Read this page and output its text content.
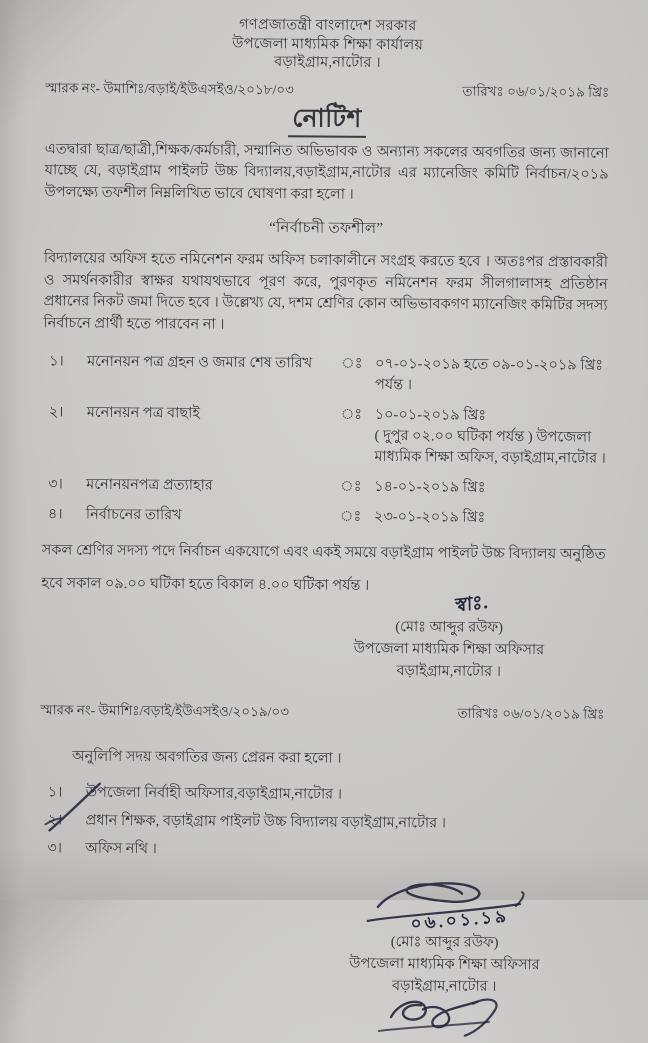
গণপ্রজাতন্ত্রী বাংলাদেশ সরকার
উপজেলা মাধ্যমিক শিক্ষা কার্যালয়
বড়াইগ্রাম,নাটোর ।
স্মারক নং- উমাশিঃ/বড়াই/ইউএসইও/২০১৮/০৩	তারিখঃ ০৬/০১/২০১৯ খ্রিঃ
নোটিশ
এতদ্বারা ছাত্র/ছাত্রী,শিক্ষক/কর্মচারী, সম্মানিত অভিভাবক ও অন্যান্য সকলের অবগতির জন্য জানানো যাচ্ছে যে, বড়াইগ্রাম পাইলট উচ্চ বিদ্যালয়,বড়াইগ্রাম,নাটোর এর ম্যানেজিং কমিটি নির্বাচন/২০১৯ উপলক্ষ্যে তফশীল নিম্নলিখিত ভাবে ঘোষণা করা হলো ।
“নির্বাচনী তফশীল”
বিদ্যালয়ের অফিস হতে নমিনেশন ফরম অফিস চলাকালীনে সংগ্রহ করতে হবে । অতঃপর প্রস্তাবকারী ও সমর্থনকারীর স্বাক্ষর যথাযথভাবে পূরণ করে, পুরণকৃত নমিনেশন ফরম সীলগালাসহ প্রতিষ্ঠান প্রধানের নিকট জমা দিতে হবে । উল্লেখ্য যে, দশম শ্রেণির কোন অভিভাবকগণ ম্যানেজিং কমিটির সদস্য নির্বাচনে প্রার্থী হতে পারবেন না ।
১।	মনোনয়ন পত্র গ্রহন ও জমার শেষ তারিখ	ঃ ০৭-০১-২০১৯ হতে ০৯-০১-২০১৯ খ্রিঃ পর্যন্ত ।
২।	মনোনয়ন পত্র বাছাই	ঃ ১০-০১-২০১৯ খ্রিঃ
( দুপুর ০২.০০ ঘটিকা পর্যন্ত ) উপজেলা মাধ্যমিক শিক্ষা অফিস, বড়াইগ্রাম,নাটোর ।
৩।	মনোনয়নপত্র প্রত্যাহার	ঃ ১৪-০১-২০১৯ খ্রিঃ
৪।	নির্বাচনের তারিখ	ঃ ২৩-০১-২০১৯ খ্রিঃ
সকল শ্রেণির সদস্য পদে নির্বাচন একযোগে এবং একই সময়ে বড়াইগ্রাম পাইলট উচ্চ বিদ্যালয় অনুষ্ঠিত হবে সকাল ০৯.০০ ঘটিকা হতে বিকাল ৪.০০ ঘটিকা পর্যন্ত ।
স্বাঃ.
(মোঃ আব্দুর রউফ)
উপজেলা মাধ্যমিক শিক্ষা অফিসার
বড়াইগ্রাম,নাটোর ।
স্মারক নং- উমাশিঃ/বড়াই/ইউএসইও/২০১৯/০৩	তারিখঃ ০৬/০১/২০১৯ খ্রিঃ
অনুলিপি সদয় অবগতির জন্য প্রেরন করা হলো ।
১।	উপজেলা নির্বাহী অফিসার,বড়াইগ্রাম,নাটোর ।
২।	প্রধান শিক্ষক, বড়াইগ্রাম পাইলট উচ্চ বিদ্যালয় বড়াইগ্রাম,নাটোর ।
৩।	অফিস নথি ।
০৬.০১.১৯
(মোঃ আব্দুর রউফ)
উপজেলা মাধ্যমিক শিক্ষা অফিসার
বড়াইগ্রাম,নাটোর ।
